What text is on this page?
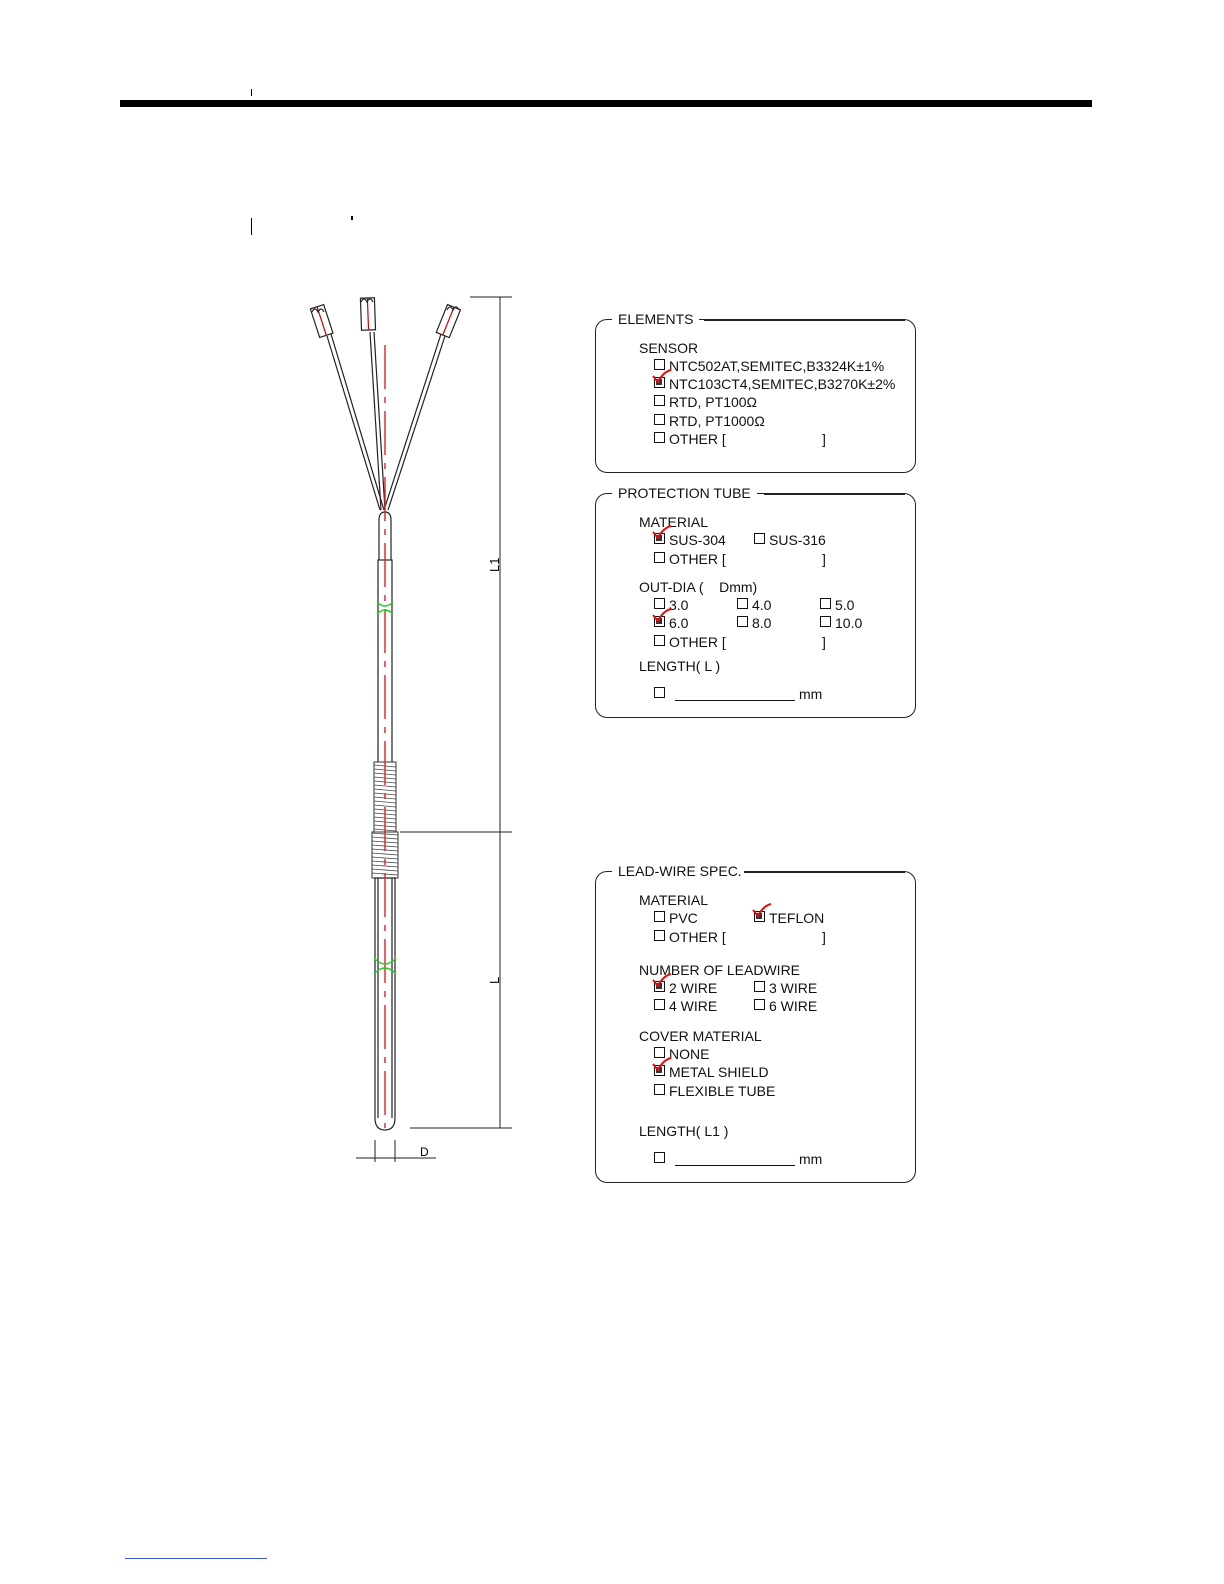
L1
L
D
ELEMENTS
SENSOR
NTC502AT,SEMITEC,B3324K±1%
NTC103CT4,SEMITEC,B3270K±2%
RTD, PT100Ω
RTD, PT1000Ω
OTHER [	]
PROTECTION TUBE
MATERIAL
OUT-DIA (    Dmm)
LENGTH( L )
mm
SUS-304	SUS-316
OTHER [	]
3.0	4.0	5.0
6.0	8.0	10.0
OTHER [	]
LEAD-WIRE SPEC.
MATERIAL
NUMBER OF LEADWIRE
COVER MATERIAL
LENGTH( L1 )
mm
PVC	TEFLON
OTHER [	]
2 WIRE	3 WIRE
4 WIRE	6 WIRE
NONE
METAL SHIELD
FLEXIBLE TUBE
